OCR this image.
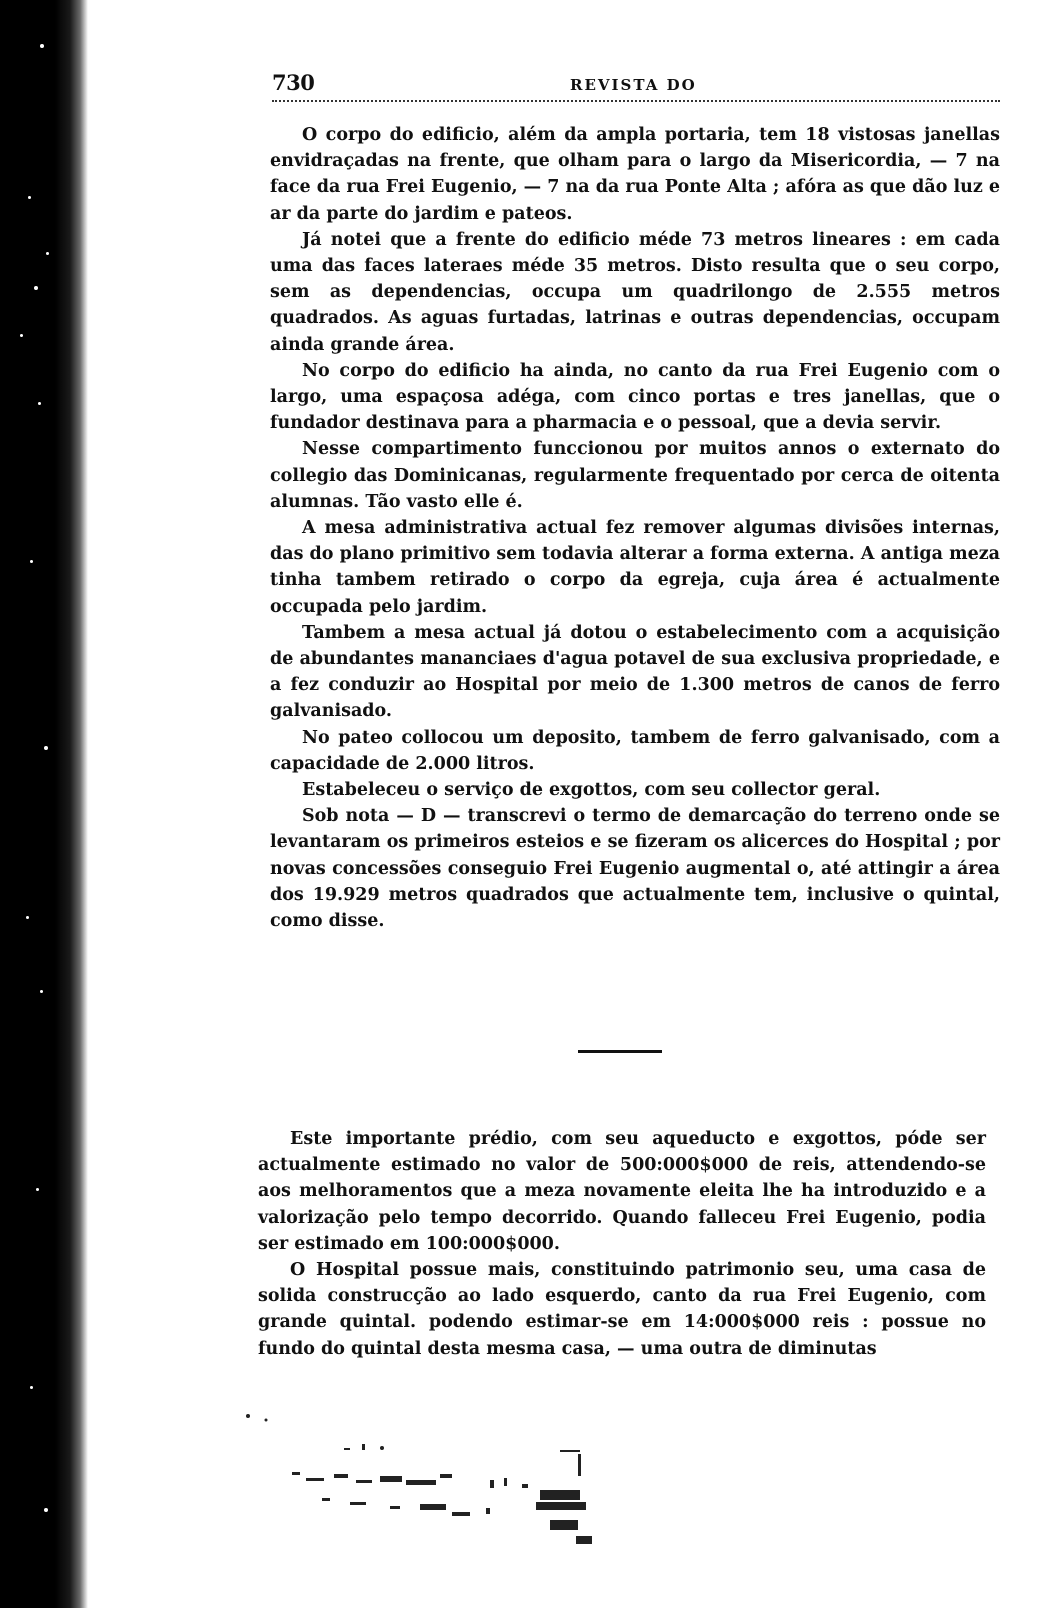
730	REVISTA DO

O corpo do edificio, além da ampla portaria, tem 18 vistosas janellas envidraçadas na frente, que olham para o largo da Misericordia, — 7 na face da rua Frei Eugenio, — 7 na da rua Ponte Alta ; afóra as que dão luz e ar da parte do jardim e pateos.

Já notei que a frente do edificio méde 73 metros lineares : em cada uma das faces lateraes méde 35 metros. Disto resulta que o seu corpo, sem as dependencias, occupa um quadrilongo de 2.555 metros quadrados. As aguas furtadas, latrinas e outras dependencias, occupam ainda grande área.

No corpo do edificio ha ainda, no canto da rua Frei Eugenio com o largo, uma espaçosa adéga, com cinco portas e tres janellas, que o fundador destinava para a pharmacia e o pessoal, que a devia servir.

Nesse compartimento funccionou por muitos annos o externato do collegio das Dominicanas, regularmente frequentado por cerca de oitenta alumnas. Tão vasto elle é.

A mesa administrativa actual fez remover algumas divisões internas, das do plano primitivo sem todavia alterar a forma externa. A antiga meza tinha tambem retirado o corpo da egreja, cuja área é actualmente occupada pelo jardim.

Tambem a mesa actual já dotou o estabelecimento com a acquisição de abundantes mananciaes d'agua potavel de sua exclusiva propriedade, e a fez conduzir ao Hospital por meio de 1.300 metros de canos de ferro galvanisado.

No pateo collocou um deposito, tambem de ferro galvanisado, com a capacidade de 2.000 litros.

Estabeleceu o serviço de exgottos, com seu collector geral.

Sob nota — D — transcrevi o termo de demarcação do terreno onde se levantaram os primeiros esteios e se fizeram os alicerces do Hospital ; por novas concessões conseguio Frei Eugenio augmental o, até attingir a área dos 19.929 metros quadrados que actualmente tem, inclusive o quintal, como disse.

Este importante prédio, com seu aqueducto e exgottos, póde ser actualmente estimado no valor de 500:000$000 de reis, attendendo-se aos melhoramentos que a meza novamente eleita lhe ha introduzido e a valorização pelo tempo decorrido. Quando falleceu Frei Eugenio, podia ser estimado em 100:000$000.

O Hospital possue mais, constituindo patrimonio seu, uma casa de solida construcção ao lado esquerdo, canto da rua Frei Eugenio, com grande quintal. podendo estimar-se em 14:000$000 reis : possue no fundo do quintal desta mesma casa, — uma outra de diminutas
